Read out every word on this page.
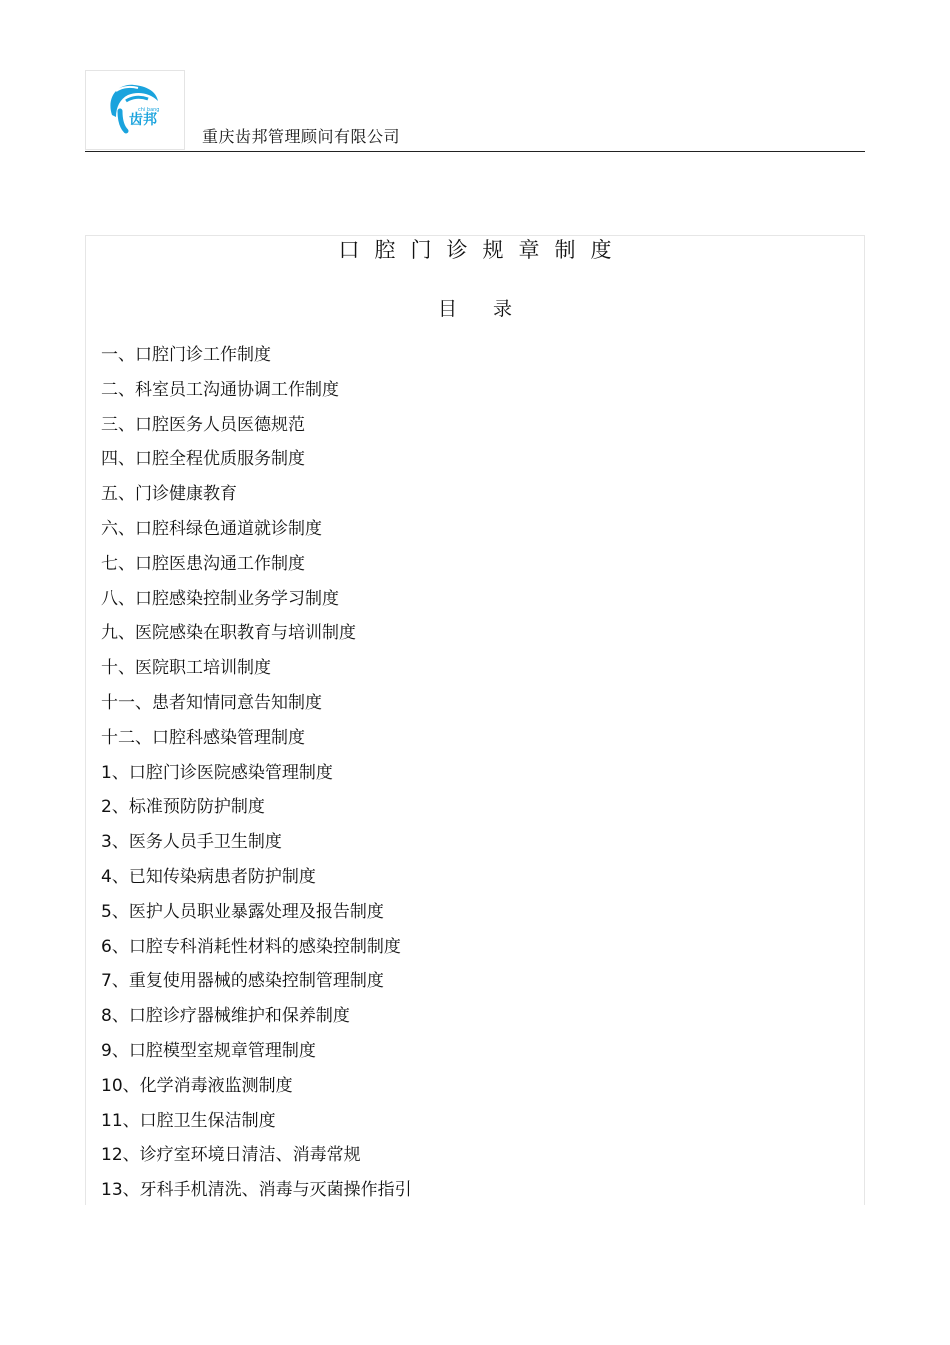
chi bang
齿邦
重庆齿邦管理顾问有限公司
口腔门诊规章制度
目录
一、口腔门诊工作制度
二、科室员工沟通协调工作制度
三、口腔医务人员医德规范
四、口腔全程优质服务制度
五、门诊健康教育
六、口腔科绿色通道就诊制度
七、口腔医患沟通工作制度
八、口腔感染控制业务学习制度
九、医院感染在职教育与培训制度
十、医院职工培训制度
十一、患者知情同意告知制度
十二、口腔科感染管理制度
1、口腔门诊医院感染管理制度
2、标准预防防护制度
3、医务人员手卫生制度
4、已知传染病患者防护制度
5、医护人员职业暴露处理及报告制度
6、口腔专科消耗性材料的感染控制制度
7、重复使用器械的感染控制管理制度
8、口腔诊疗器械维护和保养制度
9、口腔模型室规章管理制度
10、化学消毒液监测制度
11、口腔卫生保洁制度
12、诊疗室环境日清洁、消毒常规
13、牙科手机清洗、消毒与灭菌操作指引
